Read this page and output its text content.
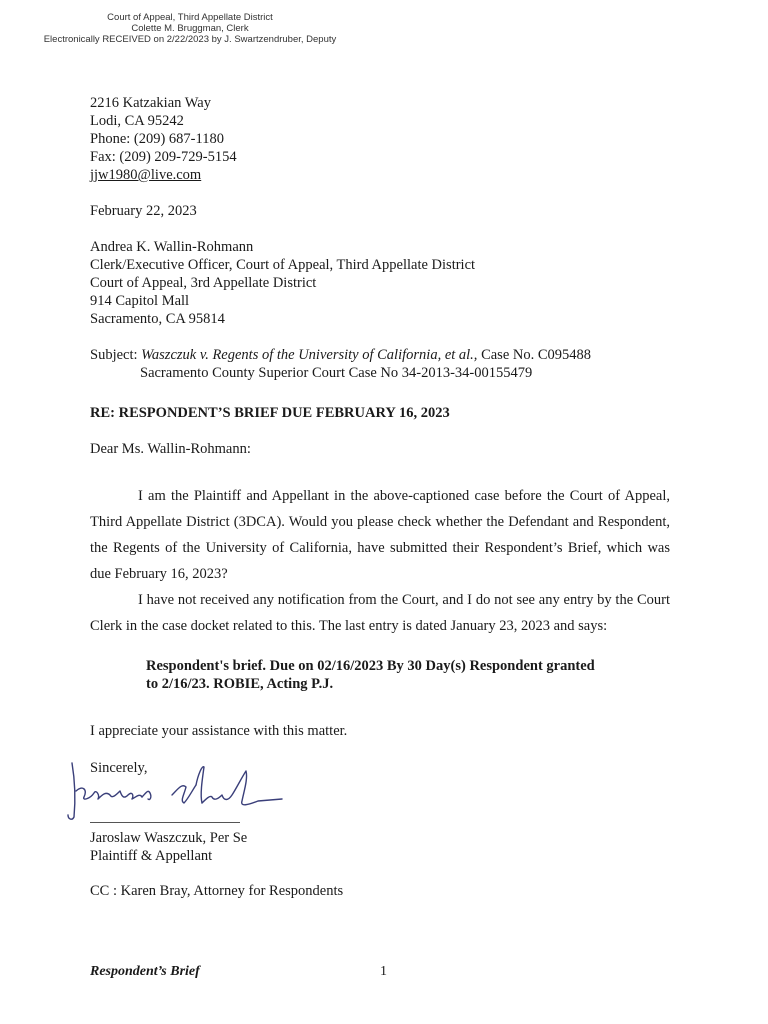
Court of Appeal, Third Appellate District
Colette M. Bruggman, Clerk
Electronically RECEIVED on 2/22/2023 by J. Swartzendruber, Deputy
2216 Katzakian Way
Lodi, CA 95242
Phone: (209) 687-1180
Fax: (209) 209-729-5154
jjw1980@live.com
February 22, 2023
Andrea K. Wallin-Rohmann
Clerk/Executive Officer, Court of Appeal, Third Appellate District
Court of Appeal, 3rd Appellate District
914 Capitol Mall
Sacramento, CA 95814
Subject: Waszczuk v. Regents of the University of California, et al., Case No. C095488
Sacramento County Superior Court Case No 34-2013-34-00155479
RE: RESPONDENT’S BRIEF DUE FEBRUARY 16, 2023
Dear Ms. Wallin-Rohmann:
I am the Plaintiff and Appellant in the above-captioned case before the Court of Appeal, Third Appellate District (3DCA). Would you please check whether the Defendant and Respondent, the Regents of the University of California, have submitted their Respondent’s Brief, which was due February 16, 2023?
I have not received any notification from the Court, and I do not see any entry by the Court Clerk in the case docket related to this. The last entry is dated January 23, 2023 and says:
Respondent's brief. Due on 02/16/2023 By 30 Day(s) Respondent granted
to 2/16/23. ROBIE, Acting P.J.
I appreciate your assistance with this matter.
Sincerely,
Jaroslaw Waszczuk, Per Se
Plaintiff & Appellant
CC : Karen Bray, Attorney for Respondents
Respondent’s Brief	1
